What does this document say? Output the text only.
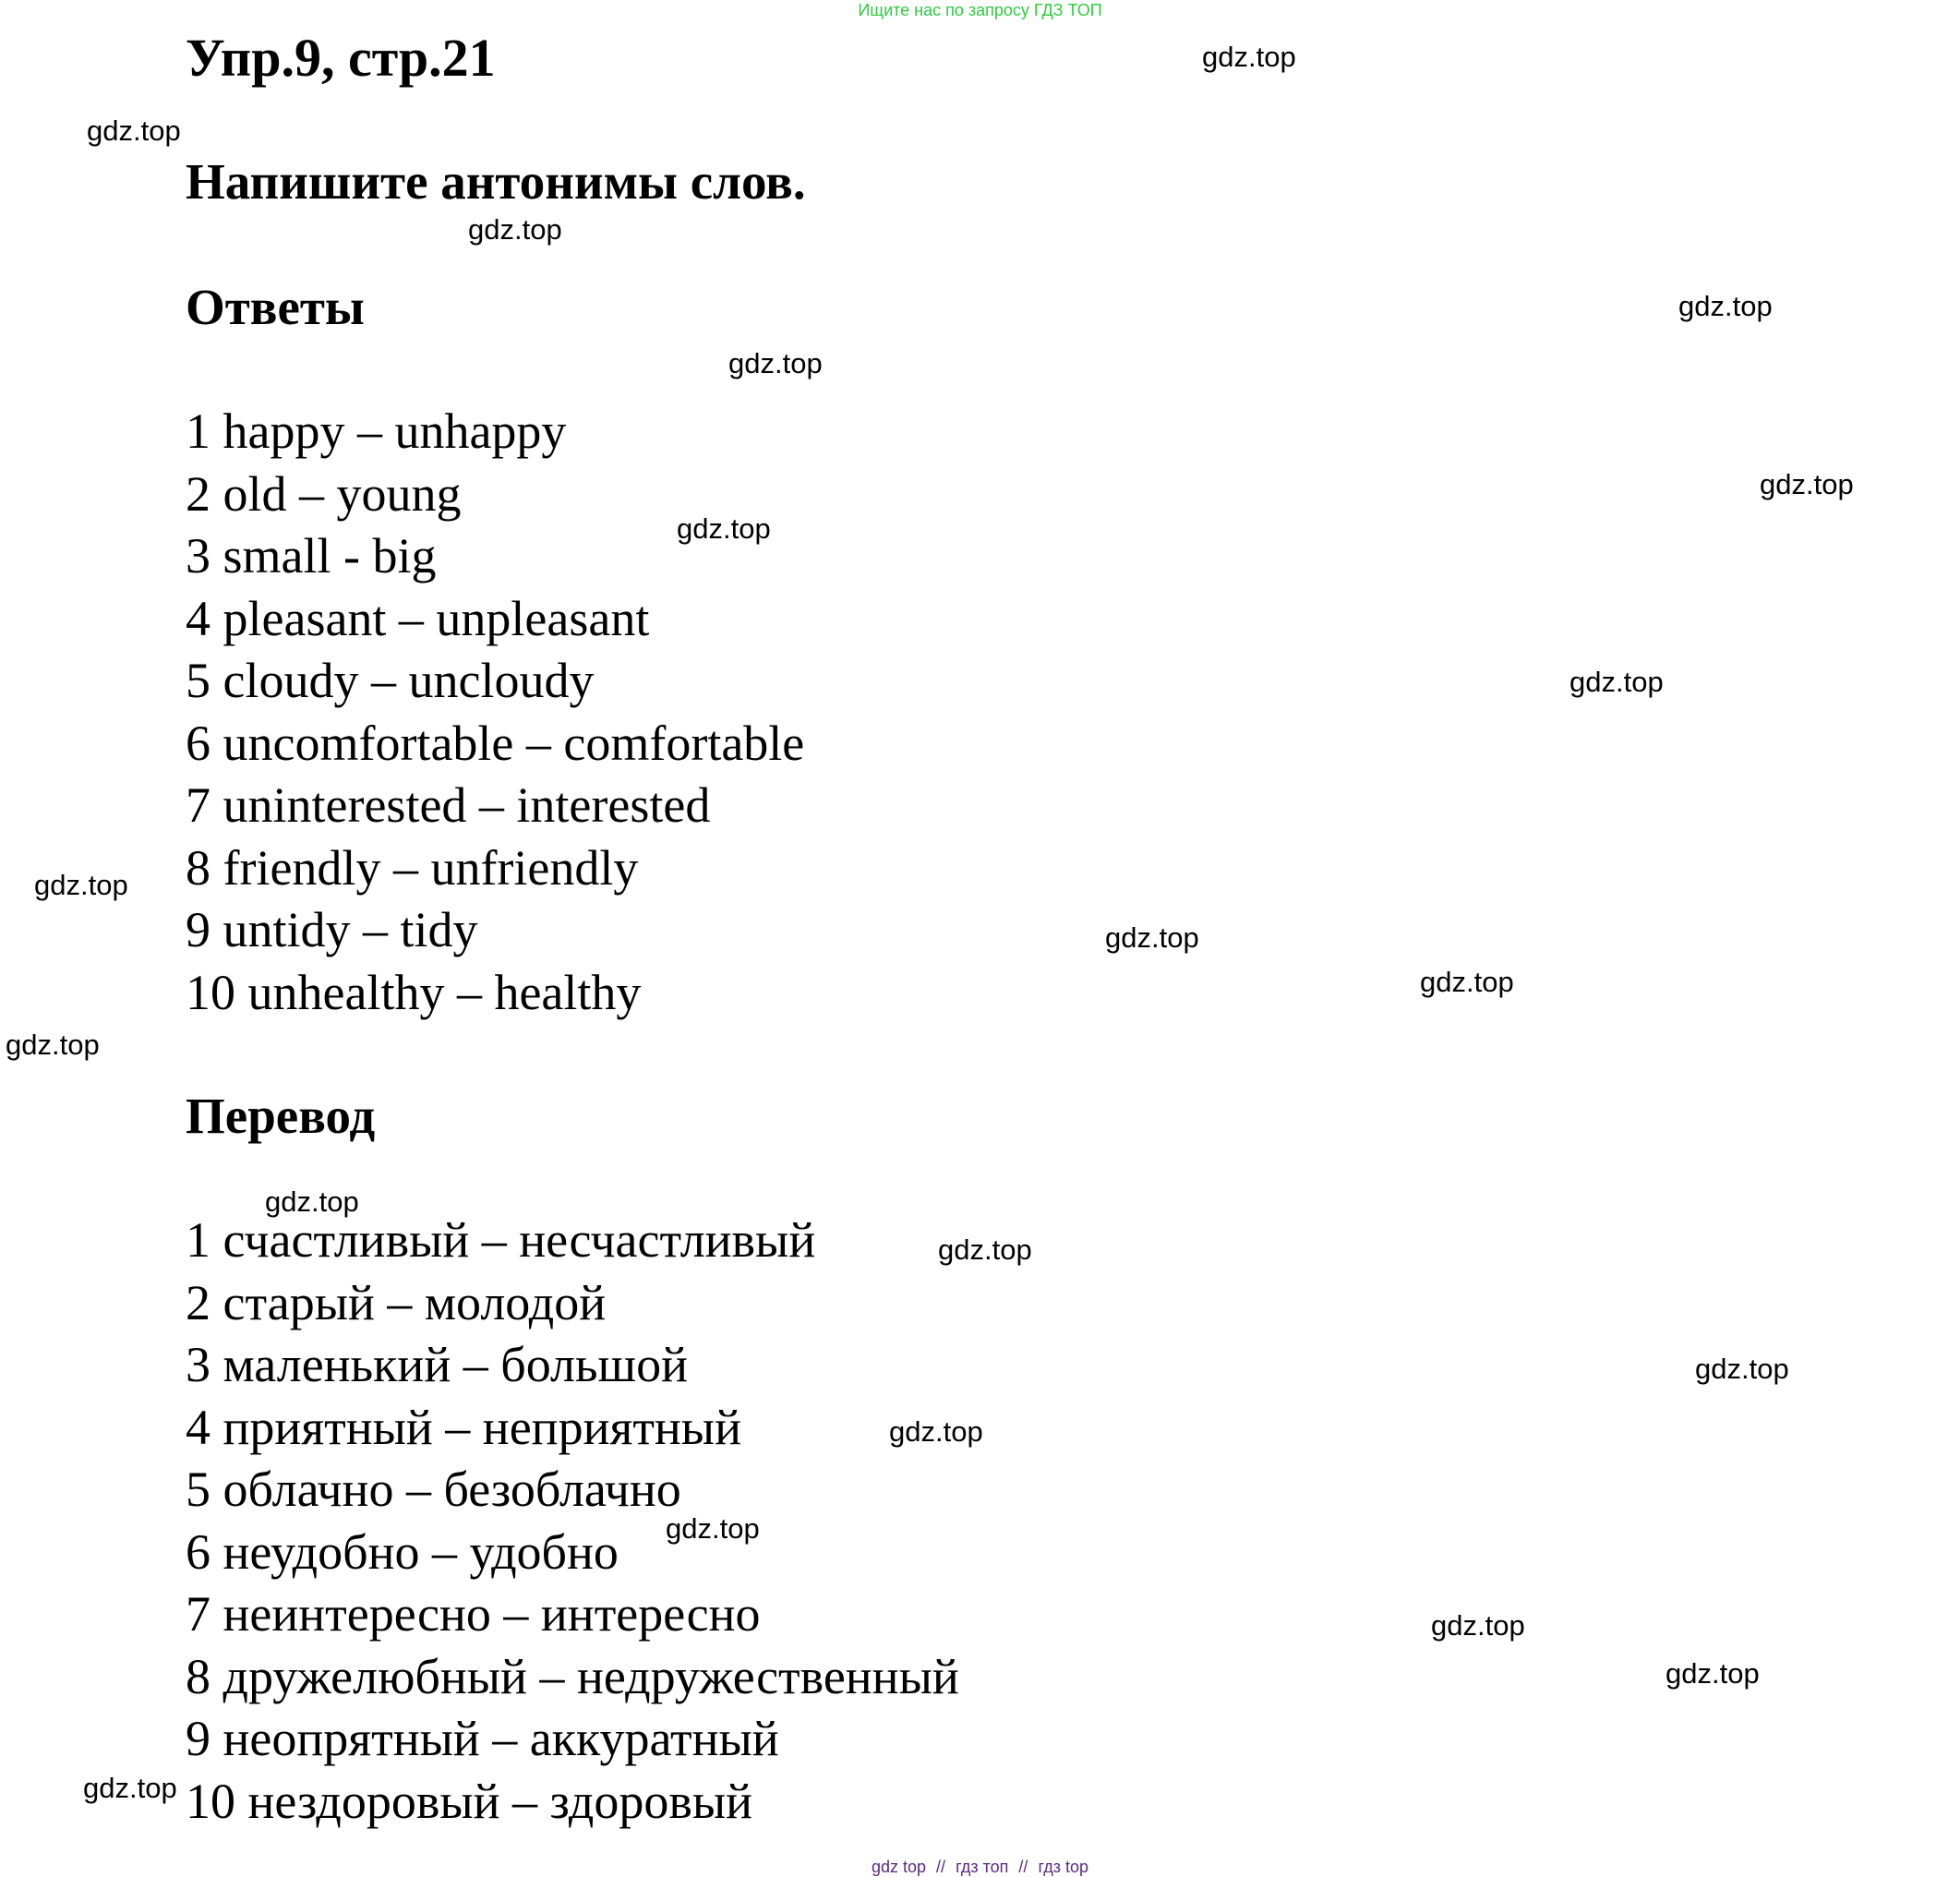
Ищите нас по запросу ГДЗ ТОП
Упр.9, стр.21
Напишите антонимы слов.
Ответы
1 happy – unhappy
2 old – young
3 small - big
4 pleasant – unpleasant
5 cloudy – uncloudy
6 uncomfortable – comfortable
7 uninterested – interested
8 friendly – unfriendly
9 untidy – tidy
10 unhealthy – healthy
Перевод
1 счастливый – несчастливый
2 старый – молодой
3 маленький – большой
4 приятный – неприятный
5 облачно – безоблачно
6 неудобно – удобно
7 неинтересно – интересно
8 дружелюбный – недружественный
9 неопрятный – аккуратный
10 нездоровый – здоровый
gdz.top
gdz.top
gdz.top
gdz.top
gdz.top
gdz.top
gdz.top
gdz.top
gdz.top
gdz.top
gdz.top
gdz.top
gdz.top
gdz.top
gdz.top
gdz.top
gdz.top
gdz.top
gdz.top
gdz.top
gdz top // гдз топ // гдз top
